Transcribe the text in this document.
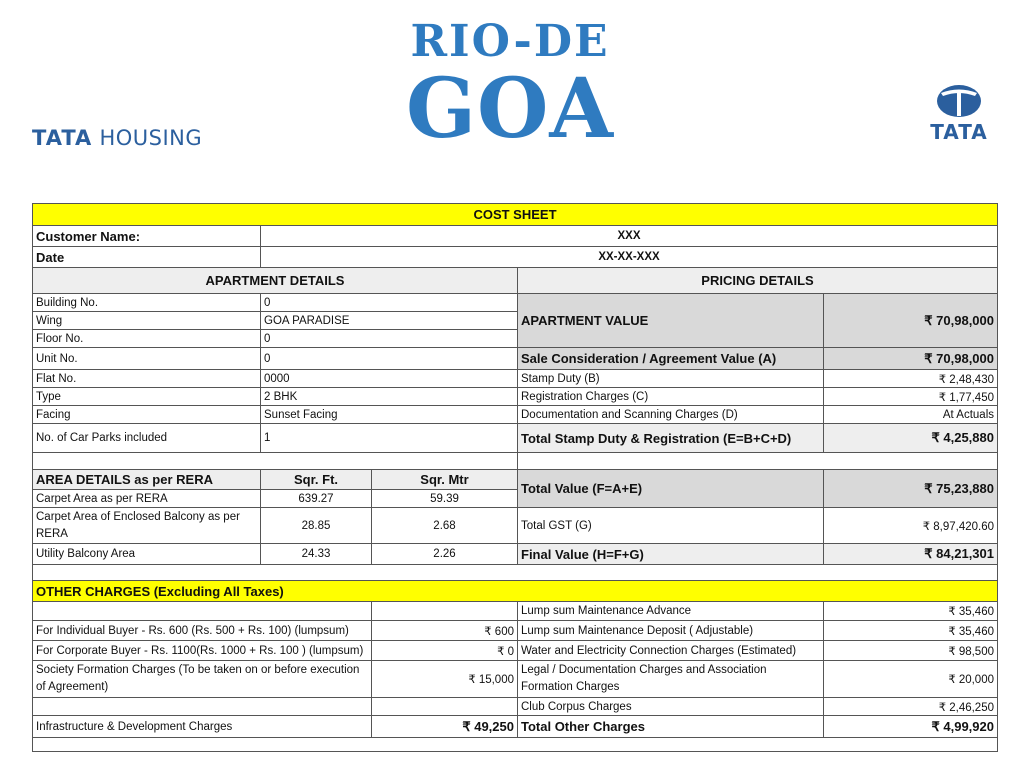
TATA HOUSING
RIO-DE
GOA	TATA
COST SHEET				
Customer Name:	XXX			
Date	XX-XX-XXX			
APARTMENT DETAILS			PRICING DETAILS	
Building No.	0		APARTMENT VALUE	₹ 70,98,000
Wing	GOA PARADISE			
Floor No.	0			
Unit No.	0		Sale Consideration / Agreement Value (A)	₹ 70,98,000
Flat No.	0000		Stamp Duty (B)	₹ 2,48,430
Type	2 BHK		Registration Charges (C)	₹ 1,77,450
Facing	Sunset Facing		Documentation and Scanning Charges (D)	At Actuals
No. of Car Parks included	1		Total Stamp Duty & Registration (E=B+C+D)	₹ 4,25,880

AREA DETAILS as per RERA	Sqr. Ft.	Sqr. Mtr	Total Value (F=A+E)	₹ 75,23,880
Carpet Area as per RERA	639.27	59.39		
Carpet Area of Enclosed Balcony as per RERA	28.85	2.68	Total GST (G)	₹ 8,97,420.60
Utility Balcony Area	24.33	2.26	Final Value (H=F+G)	₹ 84,21,301

OTHER CHARGES (Excluding All Taxes)				
			Lump sum Maintenance Advance	₹ 35,460
For Individual Buyer - Rs. 600 (Rs. 500 + Rs. 100) (lumpsum)		₹ 600	Lump sum Maintenance Deposit ( Adjustable)	₹ 35,460
For Corporate Buyer - Rs. 1100(Rs. 1000 + Rs. 100 ) (lumpsum)		₹ 0	Water and Electricity Connection Charges (Estimated)	₹ 98,500
Society Formation Charges (To be taken on or before execution of Agreement)		₹ 15,000	Legal / Documentation Charges and Association Formation Charges	₹ 20,000
			Club Corpus Charges	₹ 2,46,250
Infrastructure & Development Charges		₹ 49,250	Total Other Charges	₹ 4,99,920
